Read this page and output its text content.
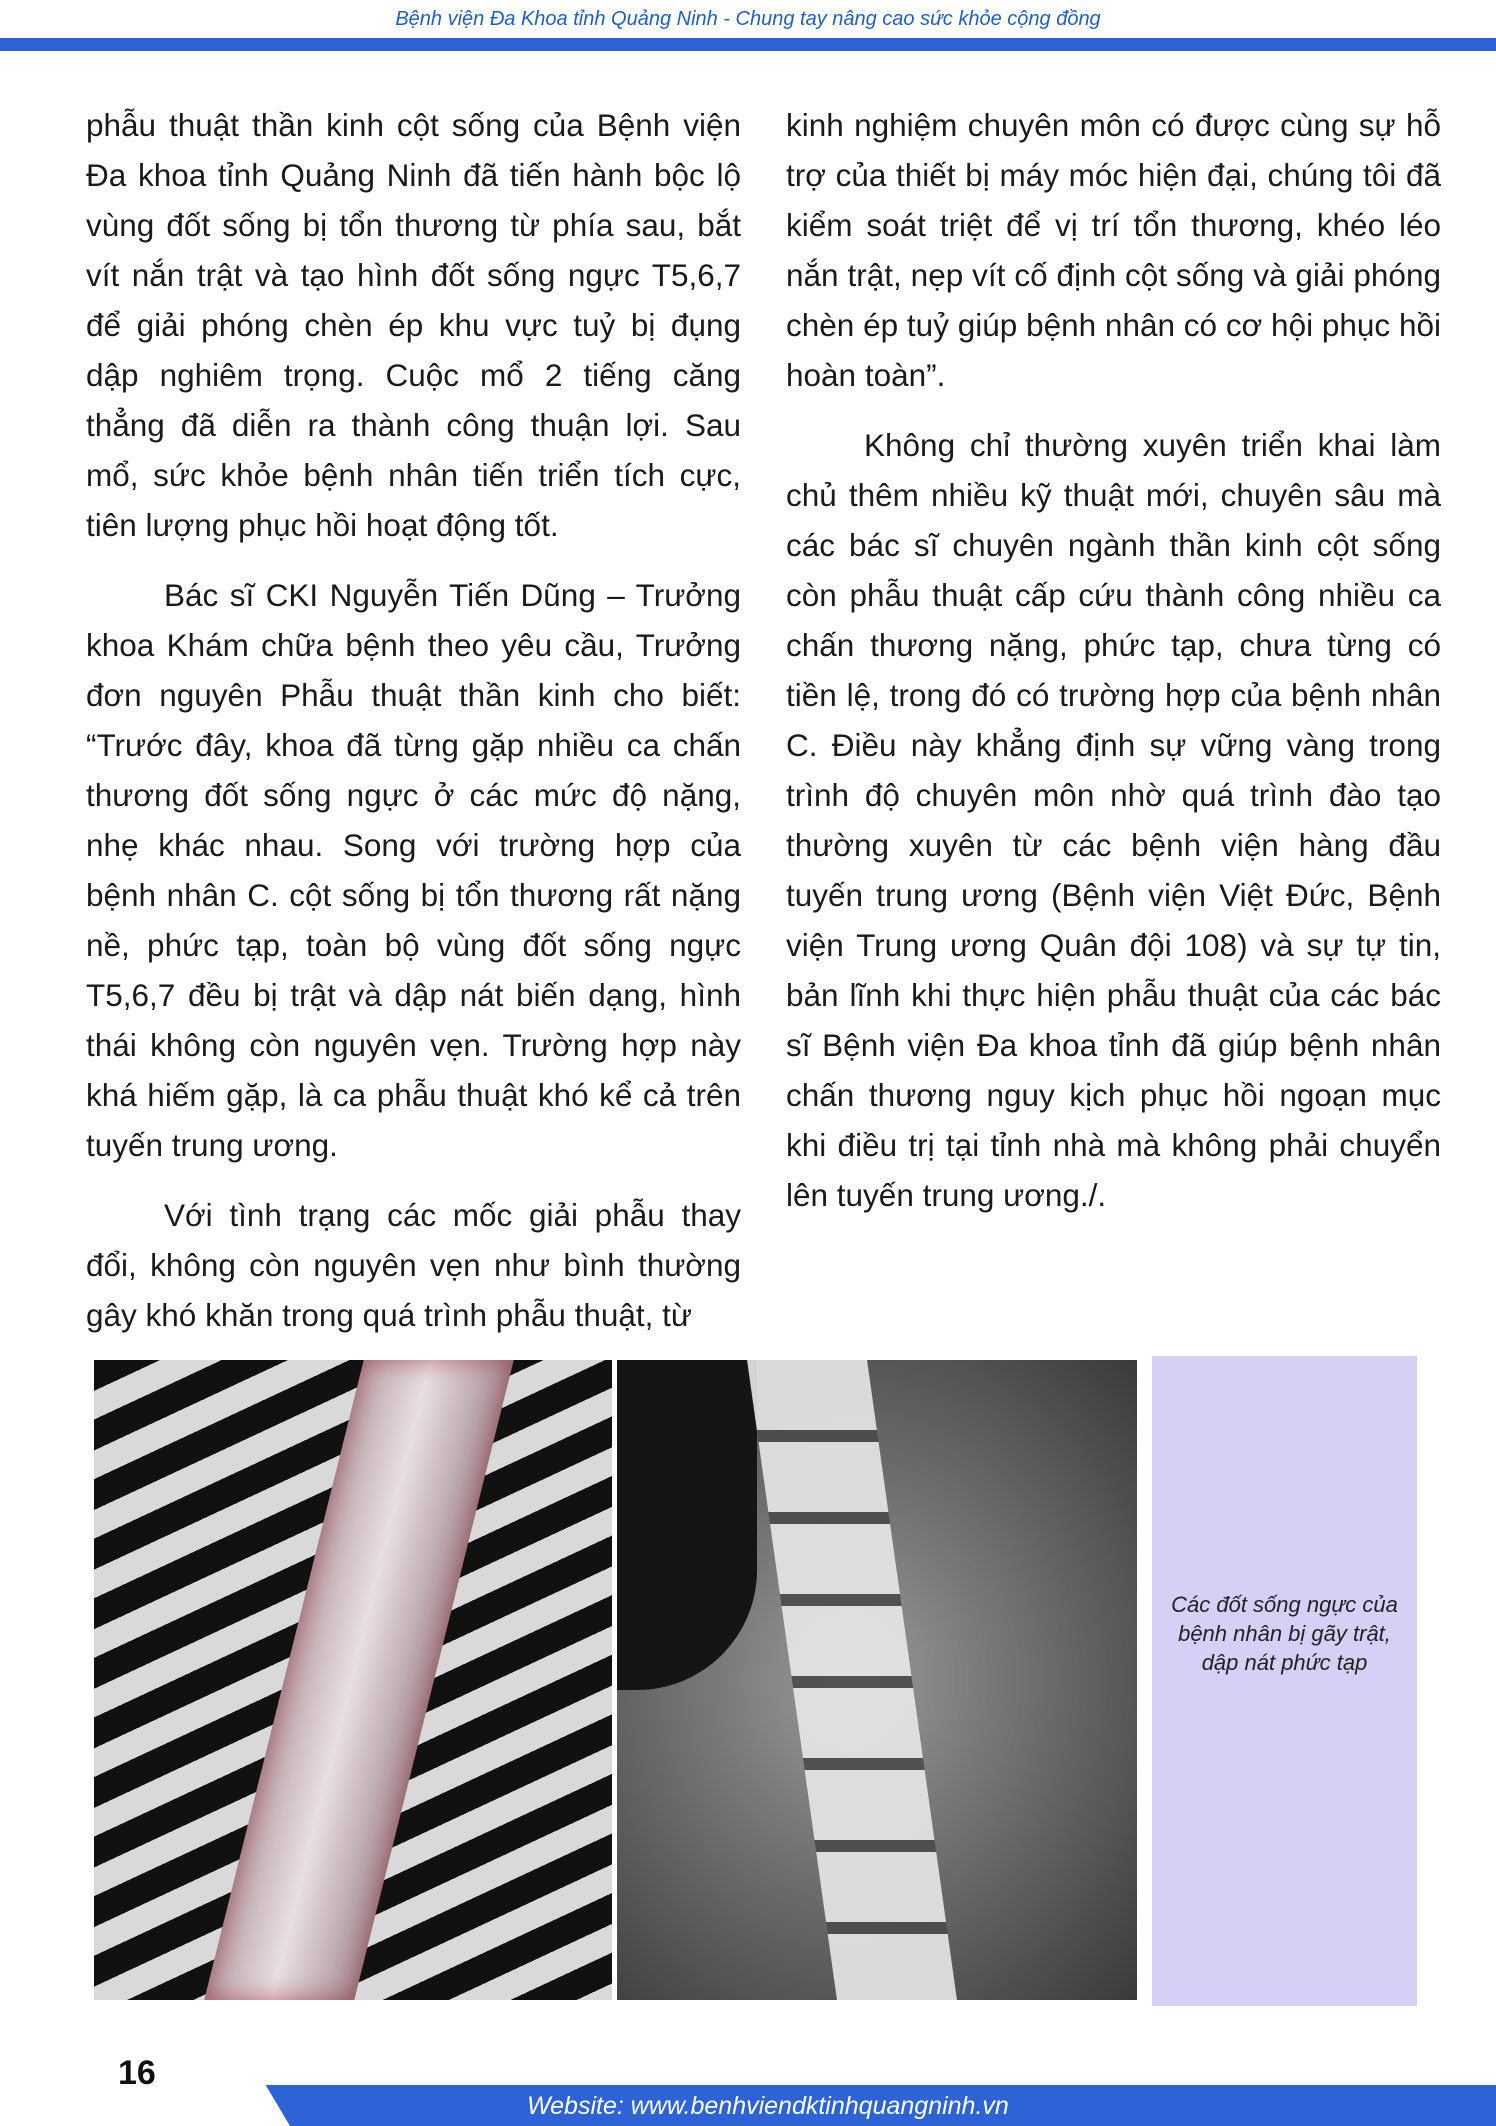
Bệnh viện Đa Khoa tỉnh Quảng Ninh - Chung tay nâng cao sức khỏe cộng đồng

phẫu thuật thần kinh cột sống của Bệnh viện Đa khoa tỉnh Quảng Ninh đã tiến hành bộc lộ vùng đốt sống bị tổn thương từ phía sau, bắt vít nắn trật và tạo hình đốt sống ngực T5,6,7 để giải phóng chèn ép khu vực tuỷ bị đụng dập nghiêm trọng. Cuộc mổ 2 tiếng căng thẳng đã diễn ra thành công thuận lợi. Sau mổ, sức khỏe bệnh nhân tiến triển tích cực, tiên lượng phục hồi hoạt động tốt.

Bác sĩ CKI Nguyễn Tiến Dũng – Trưởng khoa Khám chữa bệnh theo yêu cầu, Trưởng đơn nguyên Phẫu thuật thần kinh cho biết: “Trước đây, khoa đã từng gặp nhiều ca chấn thương đốt sống ngực ở các mức độ nặng, nhẹ khác nhau. Song với trường hợp của bệnh nhân C. cột sống bị tổn thương rất nặng nề, phức tạp, toàn bộ vùng đốt sống ngực T5,6,7 đều bị trật và dập nát biến dạng, hình thái không còn nguyên vẹn. Trường hợp này khá hiếm gặp, là ca phẫu thuật khó kể cả trên tuyến trung ương.

Với tình trạng các mốc giải phẫu thay đổi, không còn nguyên vẹn như bình thường gây khó khăn trong quá trình phẫu thuật, từ

kinh nghiệm chuyên môn có được cùng sự hỗ trợ của thiết bị máy móc hiện đại, chúng tôi đã kiểm soát triệt để vị trí tổn thương, khéo léo nắn trật, nẹp vít cố định cột sống và giải phóng chèn ép tuỷ giúp bệnh nhân có cơ hội phục hồi hoàn toàn”.

Không chỉ thường xuyên triển khai làm chủ thêm nhiều kỹ thuật mới, chuyên sâu mà các bác sĩ chuyên ngành thần kinh cột sống còn phẫu thuật cấp cứu thành công nhiều ca chấn thương nặng, phức tạp, chưa từng có tiền lệ, trong đó có trường hợp của bệnh nhân C. Điều này khẳng định sự vững vàng trong trình độ chuyên môn nhờ quá trình đào tạo thường xuyên từ các bệnh viện hàng đầu tuyến trung ương (Bệnh viện Việt Đức, Bệnh viện Trung ương Quân đội 108) và sự tự tin, bản lĩnh khi thực hiện phẫu thuật của các bác sĩ Bệnh viện Đa khoa tỉnh đã giúp bệnh nhân chấn thương nguy kịch phục hồi ngoạn mục khi điều trị tại tỉnh nhà mà không phải chuyển lên tuyến trung ương./.

Các đốt sống ngực của bệnh nhân bị gãy trật, dập nát phức tạp
16
Website: www.benhviendktinhquangninh.vn
